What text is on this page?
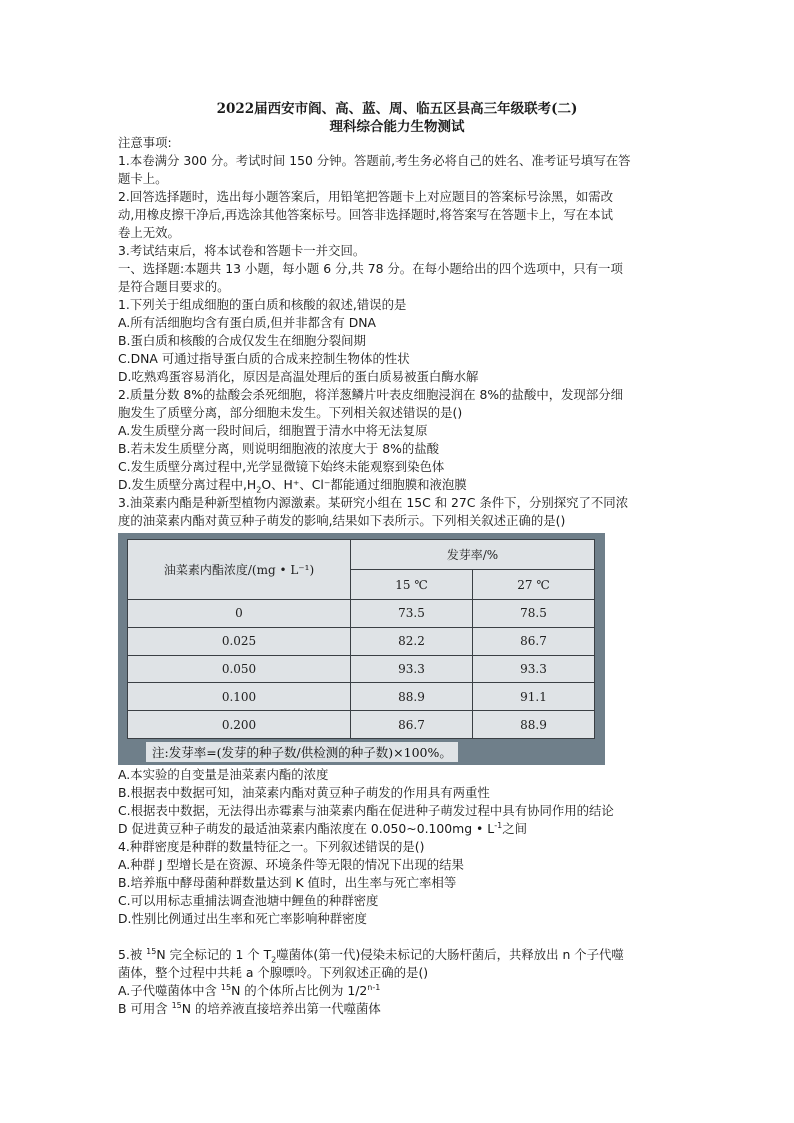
2022届西安市阎、高、蓝、周、临五区县高三年级联考(二)
理科综合能力生物测试
注意事项:
1.本卷满分 300 分。考试时间 150 分钟。答题前,考生务必将自己的姓名、准考证号填写在答
题卡上。
2.回答选择题时，选出每小题答案后，用铅笔把答题卡上对应题目的答案标号涂黑，如需改
动,用橡皮擦干净后,再选涂其他答案标号。回答非选择题时,将答案写在答题卡上，写在本试
卷上无效。
3.考试结束后，将本试卷和答题卡一并交回。
一、选择题:本题共 13 小题，每小题 6 分,共 78 分。在每小题给出的四个选项中，只有一项
是符合题目要求的。
1.下列关于组成细胞的蛋白质和核酸的叙述,错误的是
A.所有活细胞均含有蛋白质,但并非都含有 DNA
B.蛋白质和核酸的合成仅发生在细胞分裂间期
C.DNA 可通过指导蛋白质的合成来控制生物体的性状
D.吃熟鸡蛋容易消化，原因是高温处理后的蛋白质易被蛋白酶水解
2.质量分数 8%的盐酸会杀死细胞，将洋葱鳞片叶表皮细胞浸润在 8%的盐酸中，发现部分细
胞发生了质壁分离，部分细胞未发生。下列相关叙述错误的是()
A.发生质壁分离一段时间后，细胞置于清水中将无法复原
B.若未发生质壁分离，则说明细胞液的浓度大于 8%的盐酸
C.发生质壁分离过程中,光学显微镜下始终未能观察到染色体
D.发生质壁分离过程中$,H_2O$、H⁺、Cl⁻都能通过细胞膜和液泡膜
3.油菜素内酯是种新型植物内源激素。某研究小组在 15C 和 27C 条件下，分别探究了不同浓
度的油菜素内酯对黄豆种子萌发的影响,结果如下表所示。下列相关叙述正确的是()
油菜素内酯浓度/(mg • L⁻¹)	发芽率/%	
	15 ℃	27 ℃
0	73.5	78.5
0.025	82.2	86.7
0.050	93.3	93.3
0.100	88.9	91.1
0.200	86.7	88.9
注:发芽率=(发芽的种子数/供检测的种子数)×100%。
A.本实验的自变量是油菜素内酯的浓度
B.根据表中数据可知，油菜素内酯对黄豆种子萌发的作用具有两重性
C.根据表中数据，无法得出赤霉素与油菜素内酯在促进种子萌发过程中具有协同作用的结论
D 促进黄豆种子萌发的最适油菜素内酯浓度在 0.050~0.100mg • $L^{-1}$之间
4.种群密度是种群的数量特征之一。下列叙述错误的是()
A.种群 J 型增长是在资源、环境条件等无限的情况下出现的结果
B.培养瓶中酵母菌种群数量达到 K 值时，出生率与死亡率相等
C.可以用标志重捕法调查池塘中鲤鱼的种群密度
D.性别比例通过出生率和死亡率影响种群密度
5.被 $^{15}$N 完全标记的 1 个 $T_2$噬菌体(第一代)侵染未标记的大肠杆菌后，共释放出 n 个子代噬
菌体，整个过程中共耗 a 个腺嘌呤。下列叙述正确的是()
A.子代噬菌体中含 $^{15}$N 的个体所占比例为 1/2$^{n-1}$
B 可用含 $^{15}$N 的培养液直接培养出第一代噬菌体
